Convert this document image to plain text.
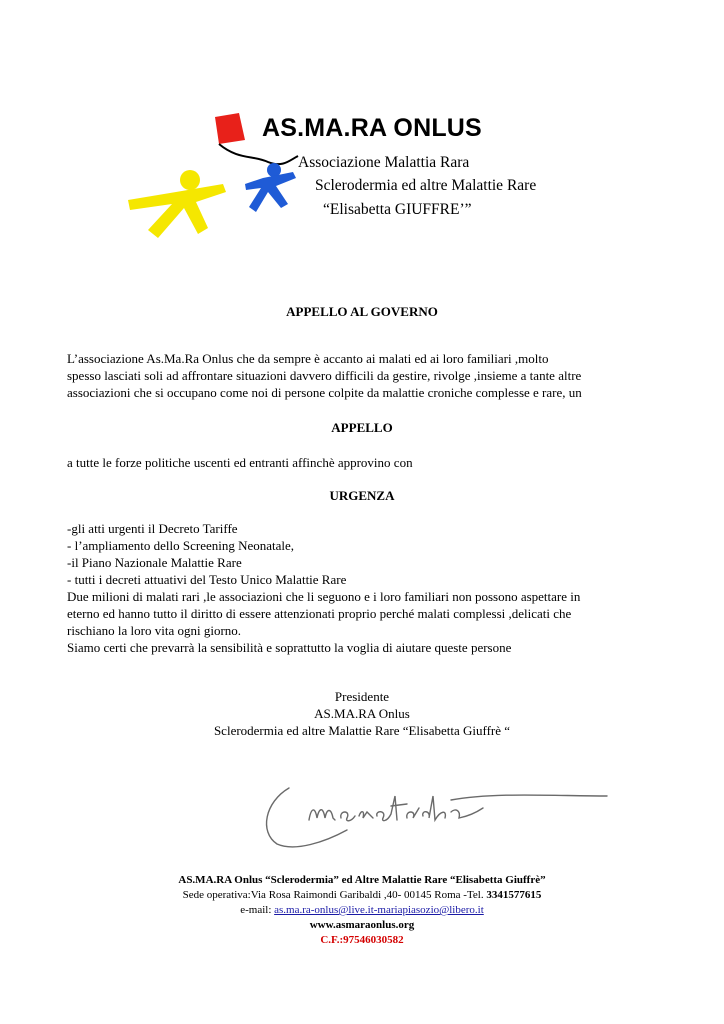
AS.MA.RA ONLUS
Associazione Malattia Rara
Sclerodermia ed altre Malattie Rare
“Elisabetta GIUFFRE’”
APPELLO AL GOVERNO

L’associazione As.Ma.Ra Onlus che da sempre è accanto ai malati ed ai loro familiari ,molto

spesso lasciati soli ad affrontare situazioni davvero difficili da gestire, rivolge ,insieme a tante altre

associazioni che si occupano come noi di persone colpite da malattie croniche complesse e rare, un

APPELLO

a tutte le forze politiche uscenti ed entranti affinchè approvino con

URGENZA

-gli atti urgenti il Decreto Tariffe

- l’ampliamento dello Screening Neonatale,

-il Piano Nazionale Malattie Rare

- tutti i decreti attuativi del Testo Unico Malattie Rare

Due milioni di malati rari ,le associazioni che li seguono e i loro familiari non possono aspettare in

eterno ed hanno tutto il diritto di essere attenzionati proprio perché malati complessi ,delicati che

rischiano la loro vita ogni giorno.

Siamo certi che prevarrà la sensibilità e soprattutto la voglia di aiutare queste persone

Presidente
AS.MA.RA Onlus
Sclerodermia ed altre Malattie Rare “Elisabetta Giuffrè “
AS.MA.RA Onlus “Sclerodermia” ed Altre Malattie Rare “Elisabetta Giuffrè”
Sede operativa:Via Rosa Raimondi Garibaldi ,40- 00145 Roma -Tel. 3341577615
e-mail: as.ma.ra-onlus@live.it-mariapiasozio@libero.it
www.asmaraonlus.org
C.F.:97546030582
